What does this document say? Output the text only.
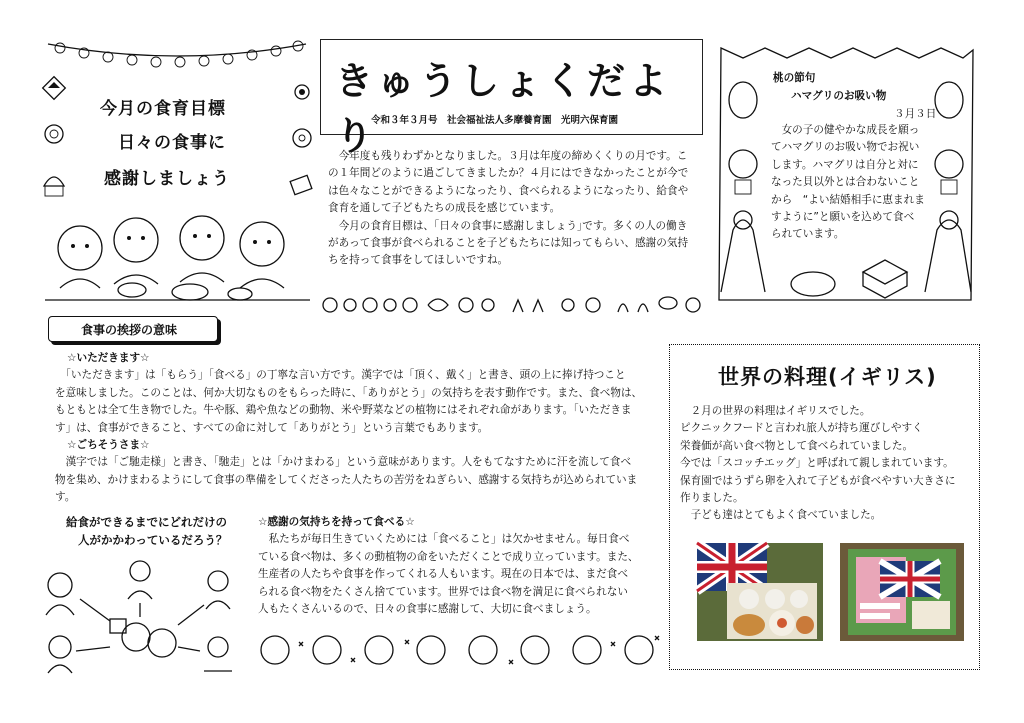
今月の食育目標
日々の食事に
感謝しましょう
きゅうしょくだより
令和３年３月号　社会福祉法人多摩養育園　光明六保育園

　今年度も残りわずかとなりました。３月は年度の締めくくりの月です。こ

の１年間どのように過ごしてきましたか？４月にはできなかったことが今で

は色々なことができるようになったり、食べられるようになったり、給食や

食育を通して子どもたちの成長を感じています。

　今月の食育目標は、｢日々の食事に感謝しましょう｣です。多くの人の働き

があって食事が食べられることを子どもたちには知ってもらい、感謝の気持

ちを持って食事をしてほしいですね。

桃の節句
ハマグリのお吸い物
３月３日

　女の子の健やかな成長を願っ

てハマグリのお吸い物でお祝い

します。ハマグリは自分と対に

なった貝以外とは合わないこと

から　“よい結婚相手に恵まれま

すように”と願いを込めて食べ

られています。

食事の挨拶の意味

☆いただきます☆

　「いただきます」は「もらう」「食べる」の丁寧な言い方です。漢字では「頂く、戴く」と書き、頭の上に捧げ持つこと

を意味しました。このことは、何か大切なものをもらった時に、「ありがとう」の気持ちを表す動作です。また、食べ物は、

もともとは全て生き物でした。牛や豚、鶏や魚などの動物、米や野菜などの植物にはそれぞれ命があります。「いただきま

す」は、食事ができること、すべての命に対して「ありがとう」という言葉でもあります。

☆ごちそうさま☆

　漢字では「ご馳走様」と書き、「馳走」とは「かけまわる」という意味があります。人をもてなすために汗を流して食べ

物を集め、かけまわるようにして食事の準備をしてくださった人たちの苦労をねぎらい、感謝する気持ちが込められていま

す。

給食ができるまでにどれだけの
人がかかわっているだろう？

☆感謝の気持ちを持って食べる☆

　私たちが毎日生きていくためには「食べること」は欠かせません。毎日食べ

ている食べ物は、多くの動植物の命をいただくことで成り立っています。また、

生産者の人たちや食事を作ってくれる人もいます。現在の日本では、まだ食べ

られる食べ物をたくさん捨てています。世界では食べ物を満足に食べられない

人もたくさんいるので、日々の食事に感謝して、大切に食べましょう。

世界の料理(イギリス)

　２月の世界の料理はイギリスでした。

ピクニックフードと言われ旅人が持ち運びしやすく

栄養価が高い食べ物として食べられていました。

今では「スコッチエッグ」と呼ばれて親しまれています。

保育園ではうずら卵を入れて子どもが食べやすい大きさに

作りました。

　子ども達はとてもよく食べていました。
